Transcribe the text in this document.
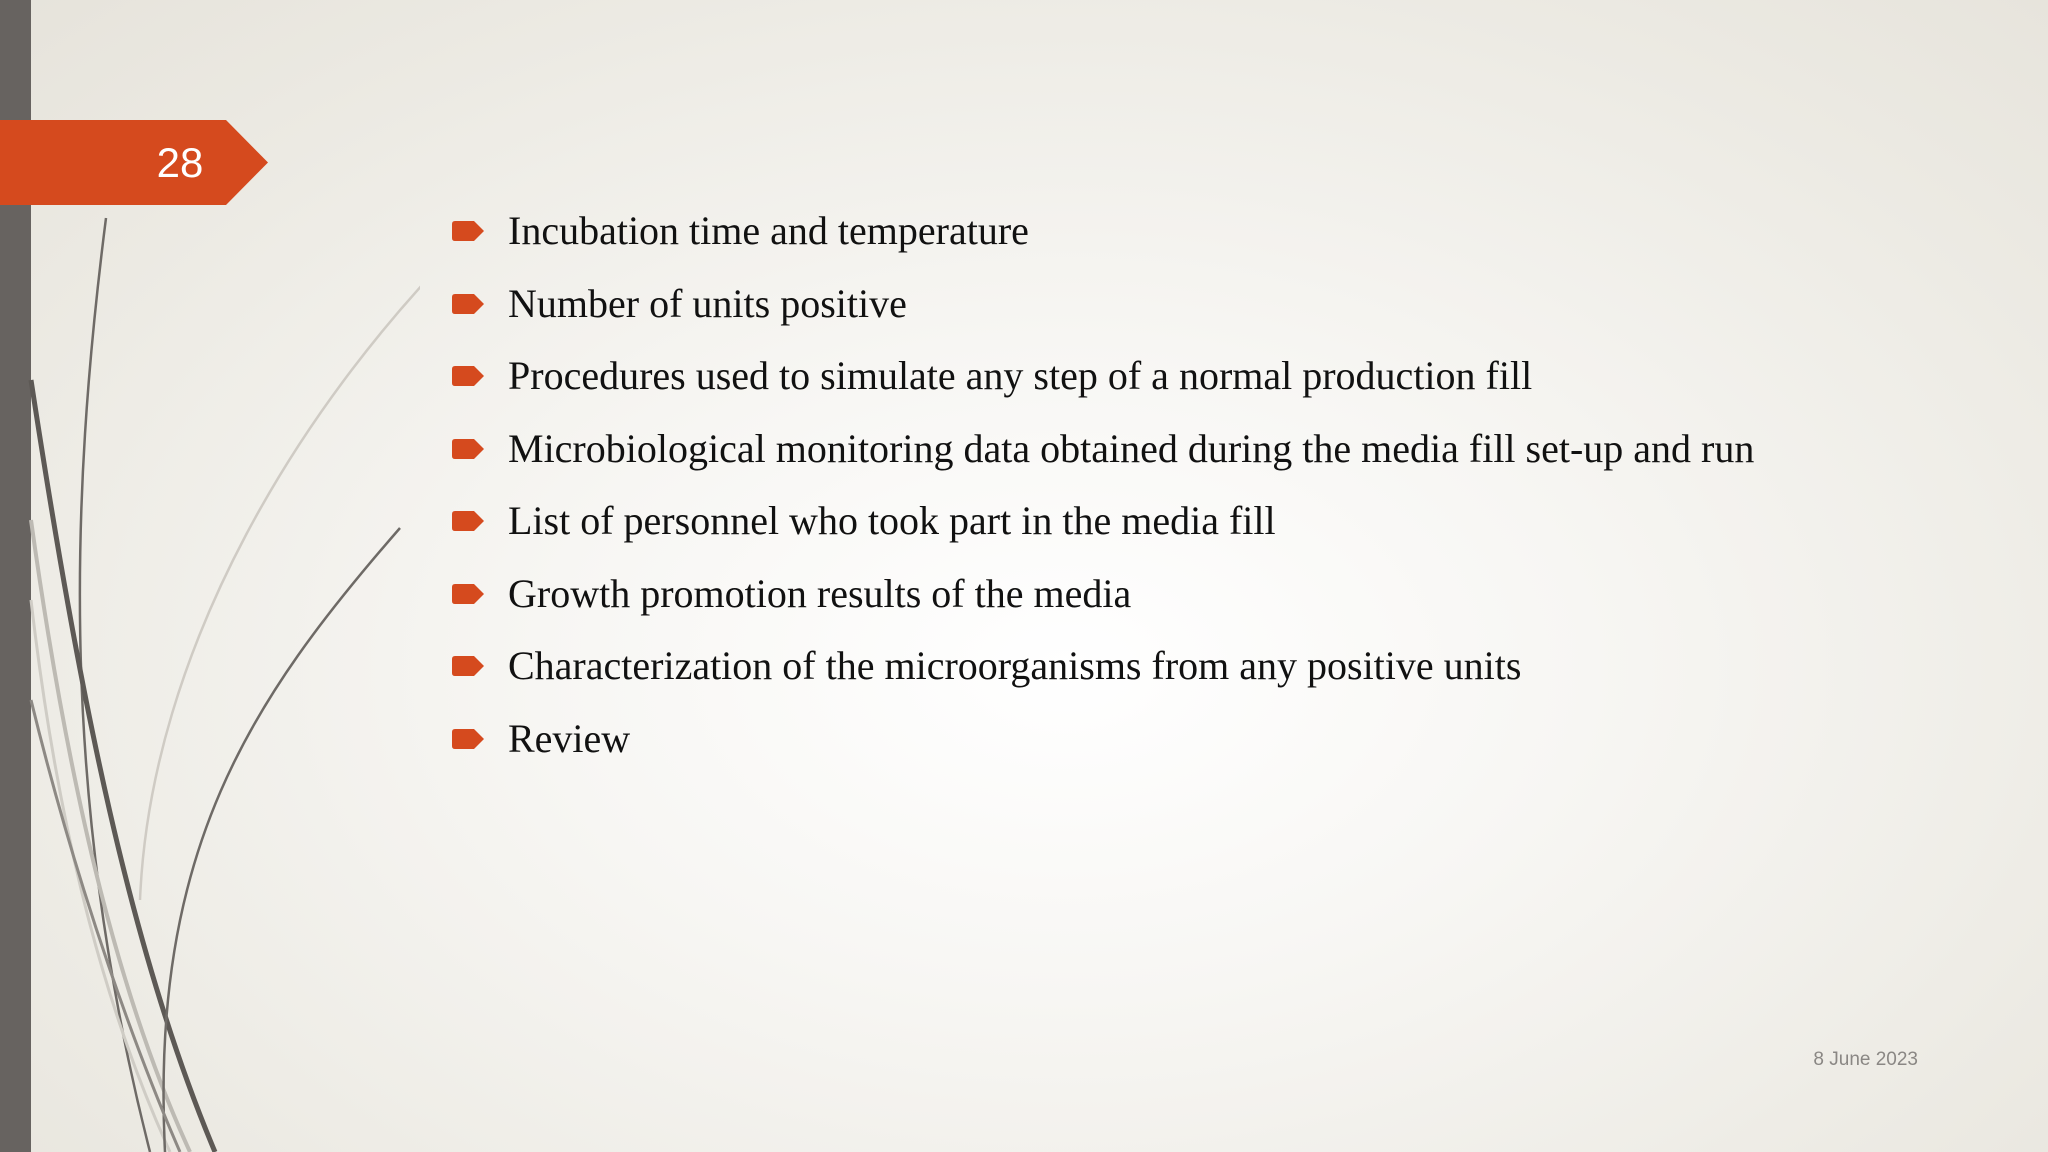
28
Incubation time and temperature
Number of units positive
Procedures used to simulate any step of a normal production fill
Microbiological monitoring data obtained during the media fill set-up and run
List of personnel who took part in the media fill
Growth promotion results of the media
Characterization of the microorganisms from any positive units
Review
8 June 2023
